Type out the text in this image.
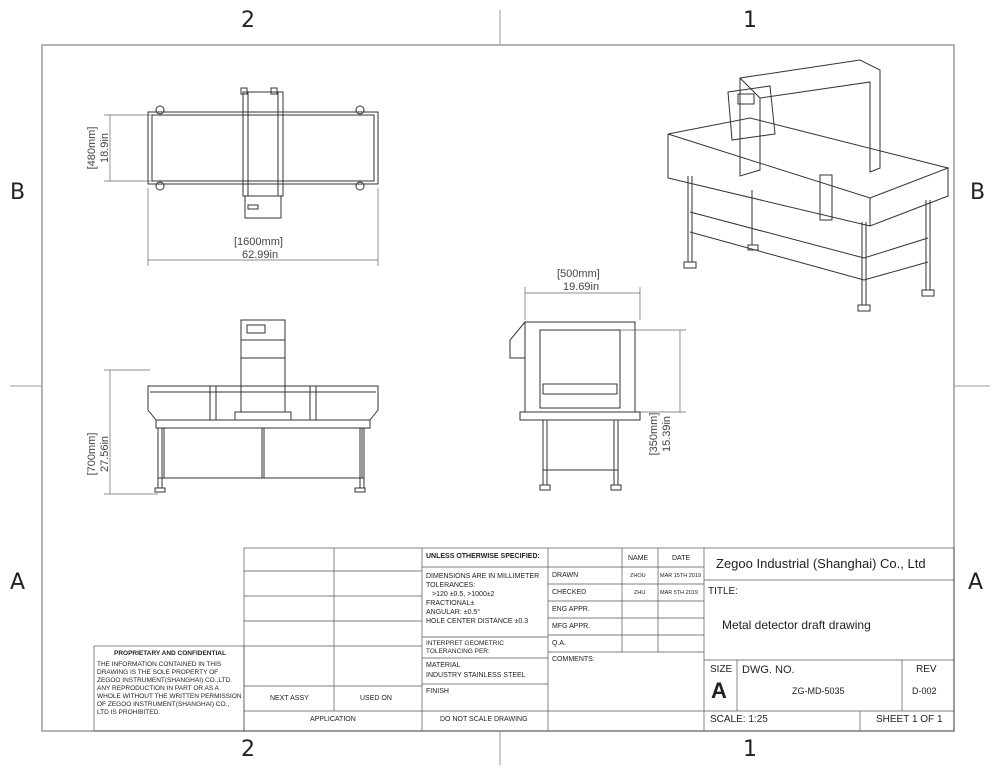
2	1
2	1
B	B
A	A
[1600mm]
62.99in
[480mm] 18.9in
[700mm] 27.56in
[500mm]
19.69in
[350mm] 15.39in
PROPRIETARY AND CONFIDENTIAL
THE INFORMATION CONTAINED IN THIS DRAWING IS THE SOLE PROPERTY OF ZEGOO INSTRUMENT(SHANGHAI) CO.,LTD. ANY REPRODUCTION IN PART OR AS A WHOLE WITHOUT THE WRITTEN PERMISSION OF ZEGOO INSTRUMENT(SHANGHAI) CO., LTD IS PROHIBITED.
NEXT ASSY	USED ON
APPLICATION
UNLESS OTHERWISE SPECIFIED:
DIMENSIONS ARE IN MILLIMETER
TOLERANCES:
>120 ±0.5, >1000±2
FRACTIONAL±
ANGULAR: ±0.5°
HOLE CENTER DISTANCE ±0.3
INTERPRET GEOMETRIC TOLERANCING PER:
MATERIAL
INDUSTRY STAINLESS STEEL
FINISH
DO NOT SCALE DRAWING
NAME	DATE
DRAWN	ZHOU	MAR 15TH 2019
CHECKED	ZHU	MAR 5TH 2019
ENG APPR.
MFG APPR.
Q.A.
COMMENTS:
Zegoo Industrial (Shanghai) Co., Ltd
TITLE:
Metal detector draft drawing
SIZE
A
DWG. NO.
ZG-MD-5035
REV
D-002
SCALE: 1:25	SHEET 1 OF 1
